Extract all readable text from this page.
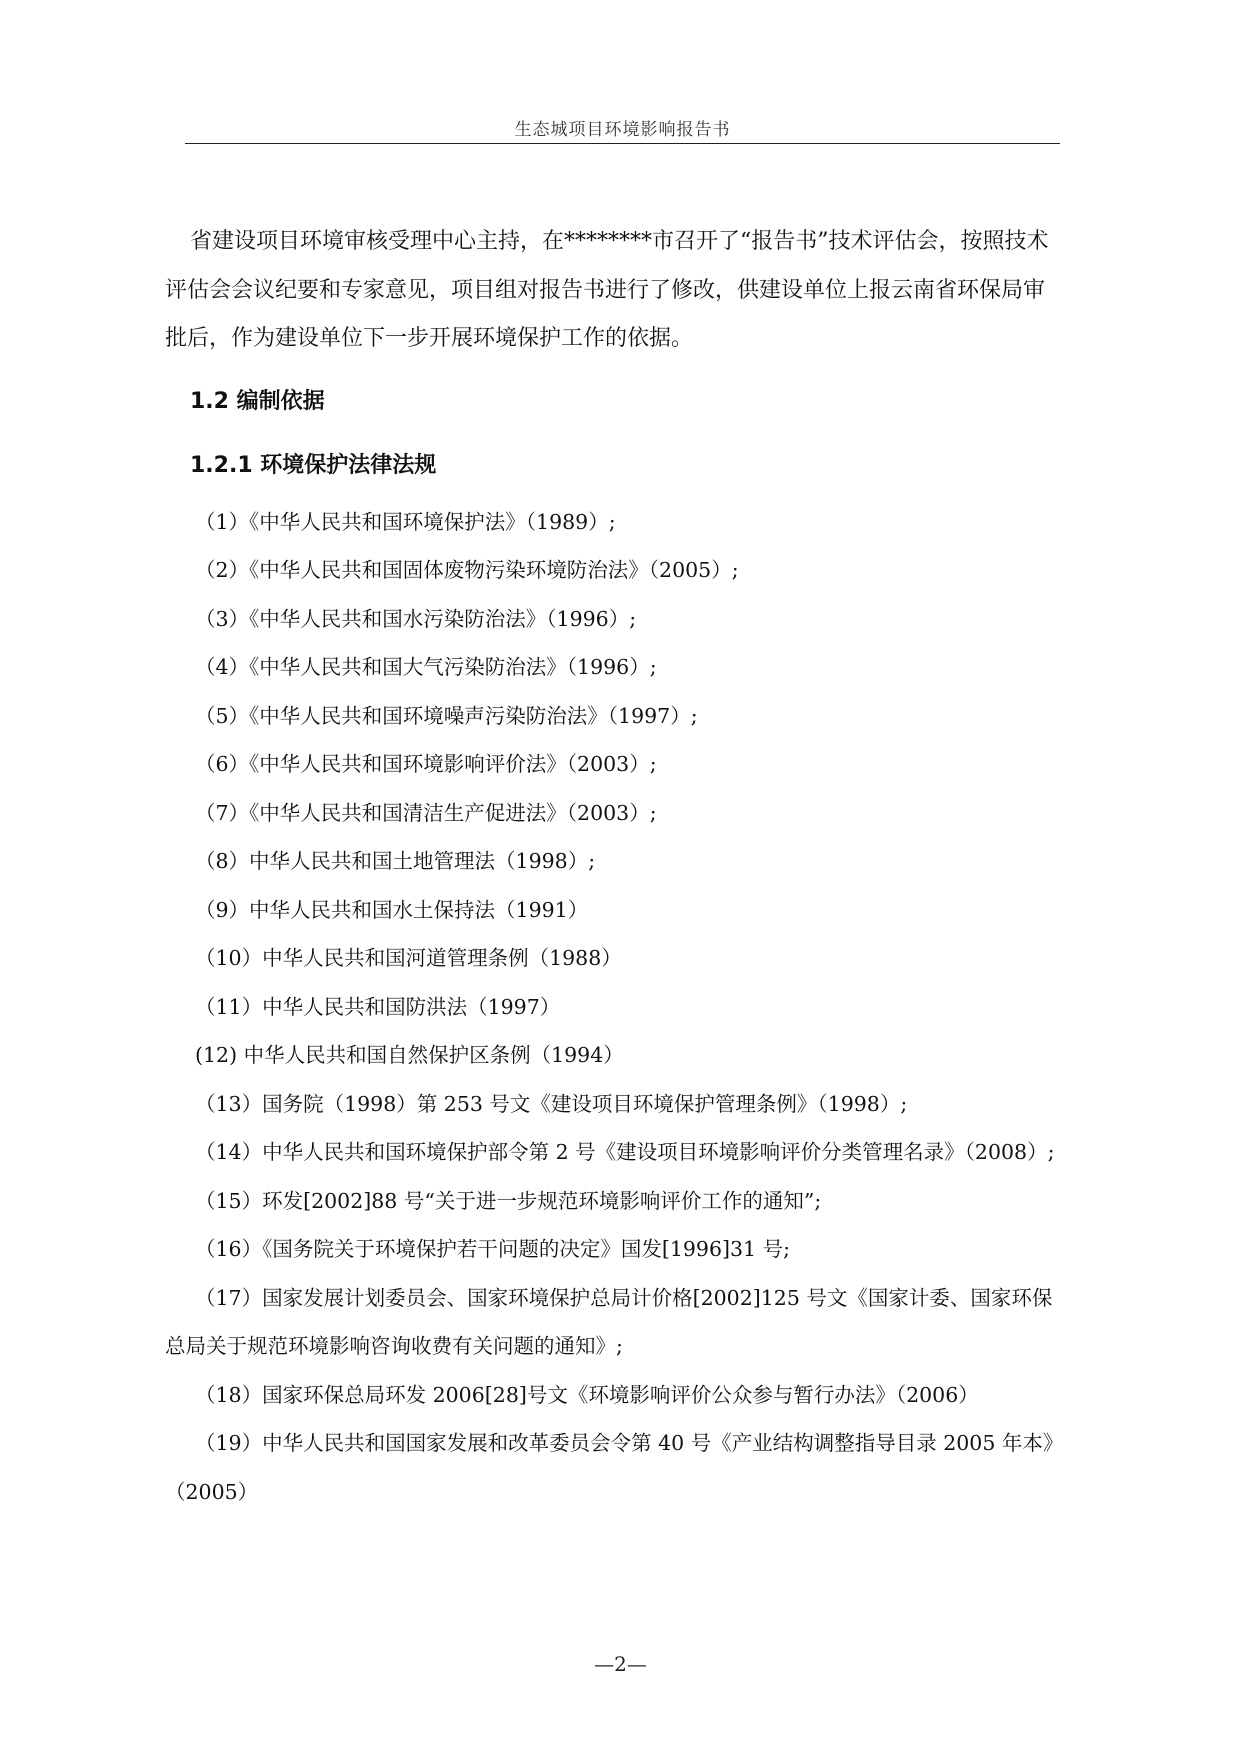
生态城项目环境影响报告书

省建设项目环境审核受理中心主持，在********市召开了“报告书”技术评估会，按照技术评估会会议纪要和专家意见，项目组对报告书进行了修改，供建设单位上报云南省环保局审批后，作为建设单位下一步开展环境保护工作的依据。

1.2 编制依据
1.2.1 环境保护法律法规
（1）《中华人民共和国环境保护法》（1989）;
（2）《中华人民共和国固体废物污染环境防治法》（2005）;
（3）《中华人民共和国水污染防治法》（1996）;
（4）《中华人民共和国大气污染防治法》（1996）;
（5）《中华人民共和国环境噪声污染防治法》（1997）;
（6）《中华人民共和国环境影响评价法》（2003）;
（7）《中华人民共和国清洁生产促进法》（2003）;
（8）中华人民共和国土地管理法（1998）;
（9）中华人民共和国水土保持法（1991）
（10）中华人民共和国河道管理条例（1988）
（11）中华人民共和国防洪法（1997）
(12) 中华人民共和国自然保护区条例（1994）
（13）国务院（1998）第 253 号文《建设项目环境保护管理条例》（1998）;
（14）中华人民共和国环境保护部令第 2 号《建设项目环境影响评价分类管理名录》（2008）;
（15）环发[2002]88 号“关于进一步规范环境影响评价工作的通知”;
（16）《国务院关于环境保护若干问题的决定》国发[1996]31 号;
（17）国家发展计划委员会、国家环境保护总局计价格[2002]125 号文《国家计委、国家环保总局关于规范环境影响咨询收费有关问题的通知》;
（18）国家环保总局环发 2006[28]号文《环境影响评价公众参与暂行办法》（2006）
（19）中华人民共和国国家发展和改革委员会令第 40 号《产业结构调整指导目录 2005 年本》（2005）
—2—
